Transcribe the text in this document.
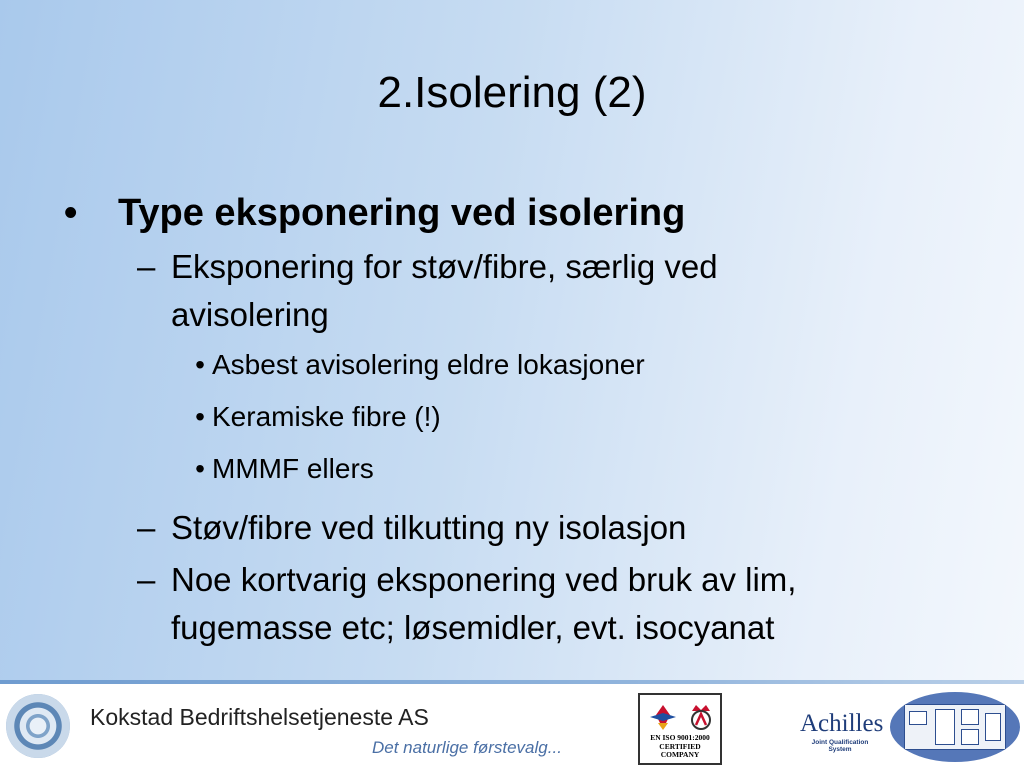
2.Isolering (2)
•	Type eksponering ved isolering
– Eksponering for støv/fibre, særlig ved avisolering
• Asbest avisolering eldre lokasjoner
• Keramiske fibre (!)
• MMMF ellers
– Støv/fibre ved tilkutting ny isolasjon
– Noe kortvarig eksponering ved bruk av lim, fugemasse etc; løsemidler, evt. isocyanat
Kokstad Bedriftshelsetjeneste AS
Det naturlige førstevalg...
EN ISO 9001:2000
CERTIFIED COMPANY
Achilles
Joint Qualification System
